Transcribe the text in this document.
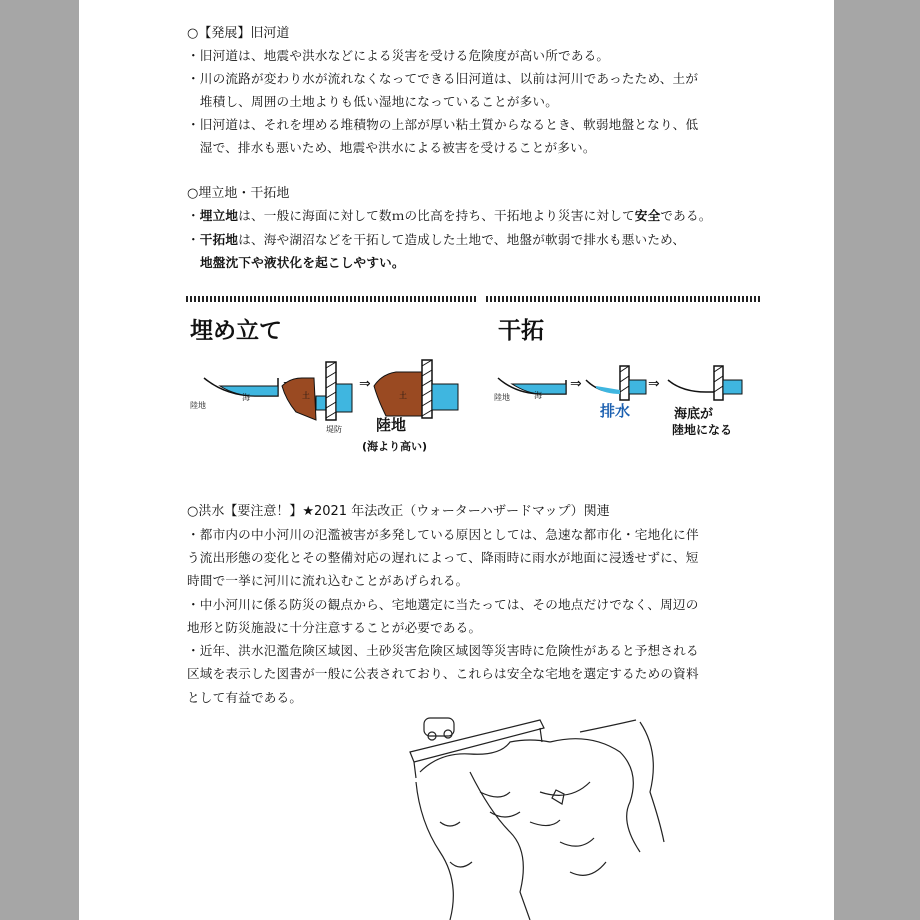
○【発展】旧河道
・旧河道は、地震や洪水などによる災害を受ける危険度が高い所である。
・川の流路が変わり水が流れなくなってできる旧河道は、以前は河川であったため、土が
　堆積し、周囲の土地よりも低い湿地になっていることが多い。
・旧河道は、それを埋める堆積物の上部が厚い粘土質からなるとき、軟弱地盤となり、低
　湿で、排水も悪いため、地震や洪水による被害を受けることが多い。
○埋立地・干拓地
・埋立地は、一般に海面に対して数ｍの比高を持ち、干拓地より災害に対して安全である。
・干拓地は、海や湖沼などを干拓して造成した土地で、地盤が軟弱で排水も悪いため、
地盤沈下や液状化を起こしやすい。
埋め立て
陸地
海	土
堤防
⇒
土
陸地
(海より高い)
干拓
陸地	海
⇒
排水
⇒
海底が
陸地になる
○洪水【要注意！】★2021 年法改正（ウォーターハザードマップ）関連
・都市内の中小河川の氾濫被害が多発している原因としては、急速な都市化・宅地化に伴
う流出形態の変化とその整備対応の遅れによって、降雨時に雨水が地面に浸透せずに、短
時間で一挙に河川に流れ込むことがあげられる。
・中小河川に係る防災の観点から、宅地選定に当たっては、その地点だけでなく、周辺の
地形と防災施設に十分注意することが必要である。
・近年、洪水氾濫危険区域図、土砂災害危険区域図等災害時に危険性があると予想される
区域を表示した図書が一般に公表されており、これらは安全な宅地を選定するための資料
として有益である。
